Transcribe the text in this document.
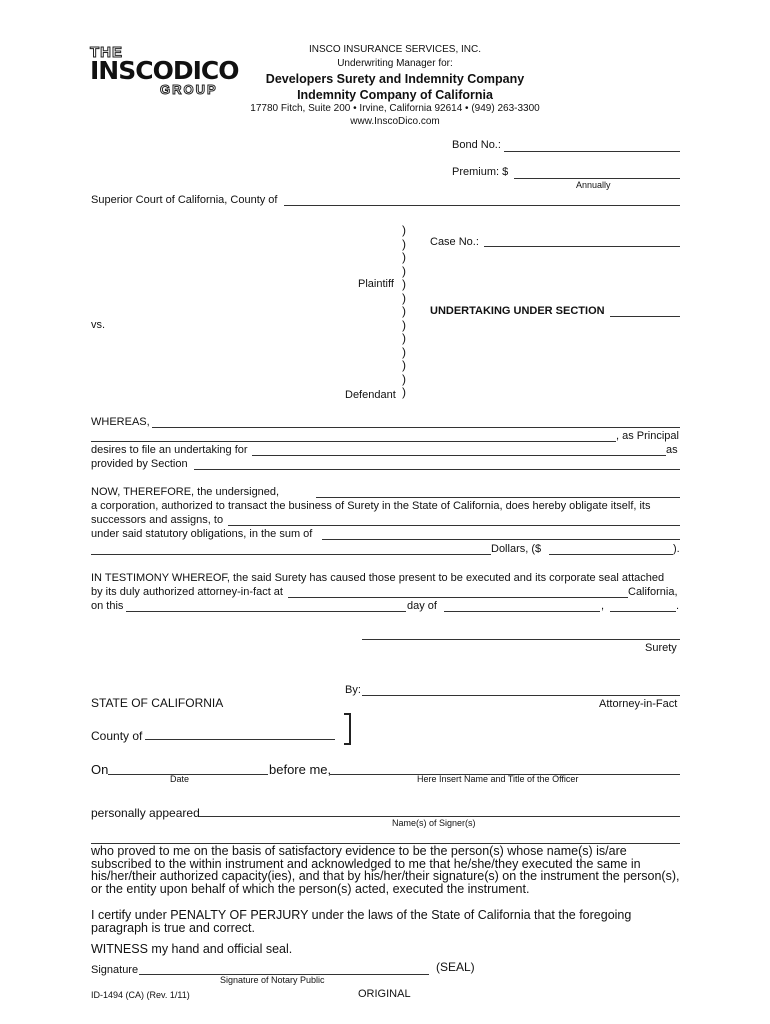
THE
INSCODICO
GROUP
INSCO INSURANCE SERVICES, INC.
Underwriting Manager for:
Developers Surety and Indemnity Company
Indemnity Company of California
17780 Fitch, Suite 200 • Irvine, California 92614 • (949) 263-3300
www.InscoDico.com
Bond No.:
Premium: $
Annually
Superior Court of California, County of
)
)
)
)
)
)
)
)
)
)
)
)
)
Case No.:
Plaintiff
UNDERTAKING UNDER SECTION
vs.
Defendant
WHEREAS,
, as Principal
desires to file an undertaking for	as
provided by Section
NOW, THEREFORE, the undersigned,
a corporation, authorized to transact the business of Surety in the State of California, does hereby obligate itself, its
successors and assigns, to
under said statutory obligations, in the sum of
Dollars, ($	).
IN TESTIMONY WHEREOF, the said Surety has caused those present to be executed and its corporate seal attached
by its duly authorized attorney-in-fact at	California,
on this	day of	,	.
Surety
By:
Attorney-in-Fact
STATE OF CALIFORNIA
County of
On
Date
before me,
Here Insert Name and Title of the Officer
personally appeared
Name(s) of Signer(s)
who proved to me on the basis of satisfactory evidence to be the person(s) whose name(s) is/are subscribed to the within instrument and acknowledged to me that he/she/they executed the same in his/her/their authorized capacity(ies), and that by his/her/their signature(s) on the instrument the person(s), or the entity upon behalf of which the person(s) acted, executed the instrument.
I certify under PENALTY OF PERJURY under the laws of the State of California that the foregoing paragraph is true and correct.
WITNESS my hand and official seal.
Signature
Signature of Notary Public
(SEAL)
ID-1494 (CA) (Rev. 1/11)	ORIGINAL
